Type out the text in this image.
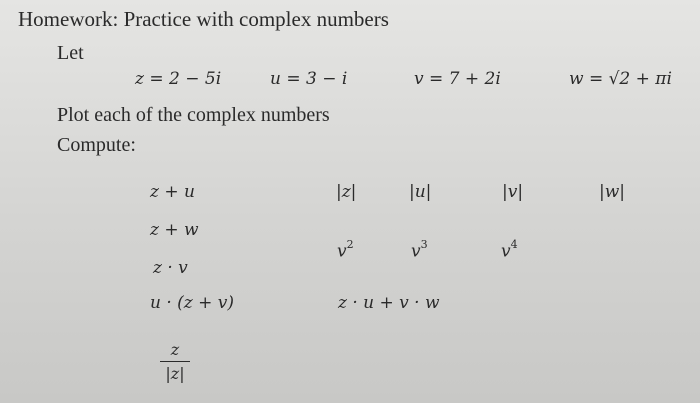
Homework: Practice with complex numbers
Let
z = 2 − 5i	u = 3 − i	v = 7 + 2i	w = √2 + πi
Plot each of the complex numbers
Compute:
z + u
z + w
z · v
u · (z + v)
z
|z|
|z|	|u|	|v|	|w|
$v^2$	$v^3$	$v^4$
z · u + v · w
